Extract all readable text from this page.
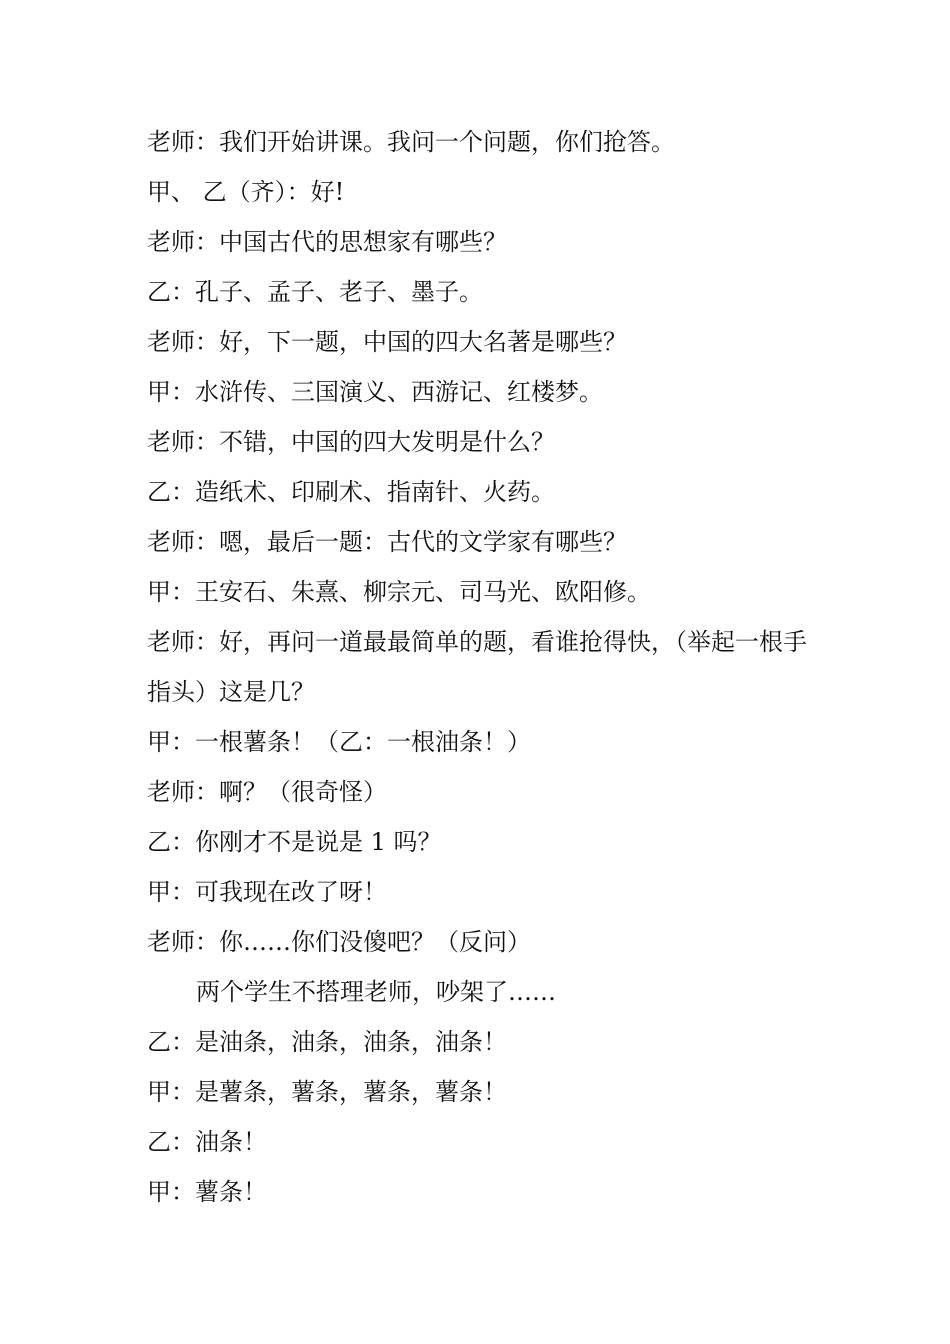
老师：我们开始讲课。我问一个问题，你们抢答。
甲、 乙（齐）：好!
老师：中国古代的思想家有哪些？
乙：孔子、孟子、老子、墨子。
老师：好，下一题，中国的四大名著是哪些？
甲：水浒传、三国演义、西游记、红楼梦。
老师：不错，中国的四大发明是什么？
乙：造纸术、印刷术、指南针、火药。
老师：嗯，最后一题：古代的文学家有哪些？
甲：王安石、朱熹、柳宗元、司马光、欧阳修。
老师：好，再问一道最最简单的题，看谁抢得快，（举起一根手
指头）这是几？
甲：一根薯条！（乙：一根油条！）
老师：啊？（很奇怪）
乙：你刚才不是说是 1 吗？
甲：可我现在改了呀！
老师：你……你们没傻吧？（反问）
两个学生不搭理老师，吵架了……
乙：是油条，油条，油条，油条！
甲：是薯条，薯条，薯条，薯条！
乙：油条！
甲：薯条！
